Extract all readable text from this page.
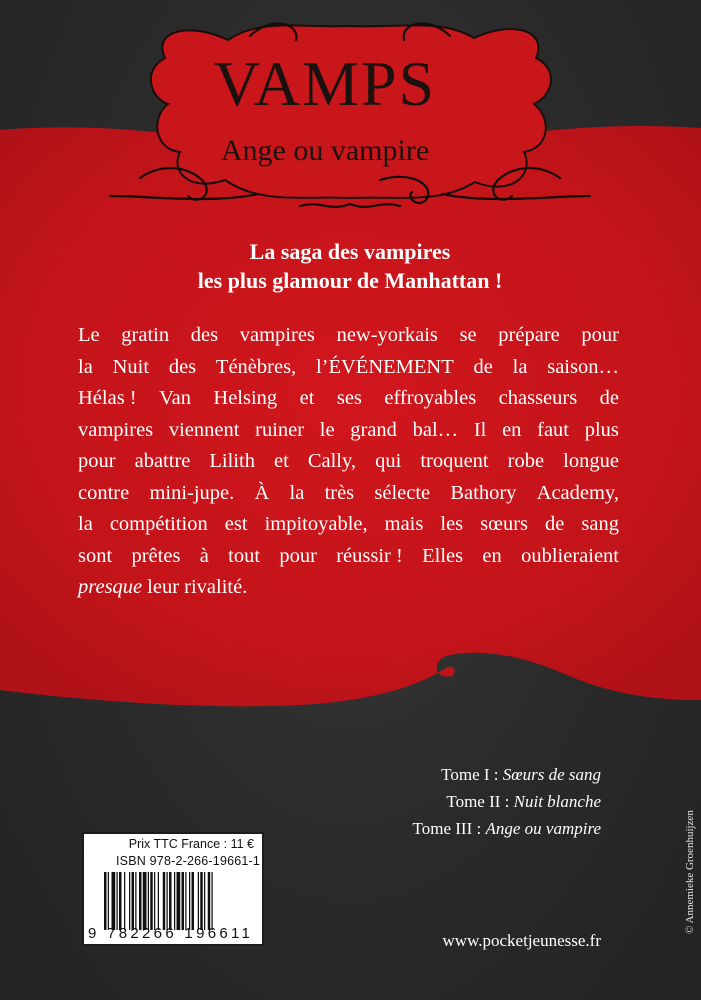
VAMPS
Ange ou vampire
La saga des vampires
les plus glamour de Manhattan !
Le gratin des vampires new-yorkais se prépare pour
la Nuit des Ténèbres, l’ÉVÉNEMENT de la saison…
Hélas ! Van Helsing et ses effroyables chasseurs de
vampires viennent ruiner le grand bal… Il en faut plus
pour abattre Lilith et Cally, qui troquent robe longue
contre mini-jupe. À la très sélecte Bathory Academy,
la compétition est impitoyable, mais les sœurs de sang
sont prêtes à tout pour réussir ! Elles en oublieraient
presque leur rivalité.
Tome I : Sœurs de sang
Tome II : Nuit blanche
Tome III : Ange ou vampire
Prix TTC France : 11 €
ISBN 978-2-266-19661-1
9 782266 196611	www.pocketjeunesse.fr
© Annemieke Groenhuijzen
